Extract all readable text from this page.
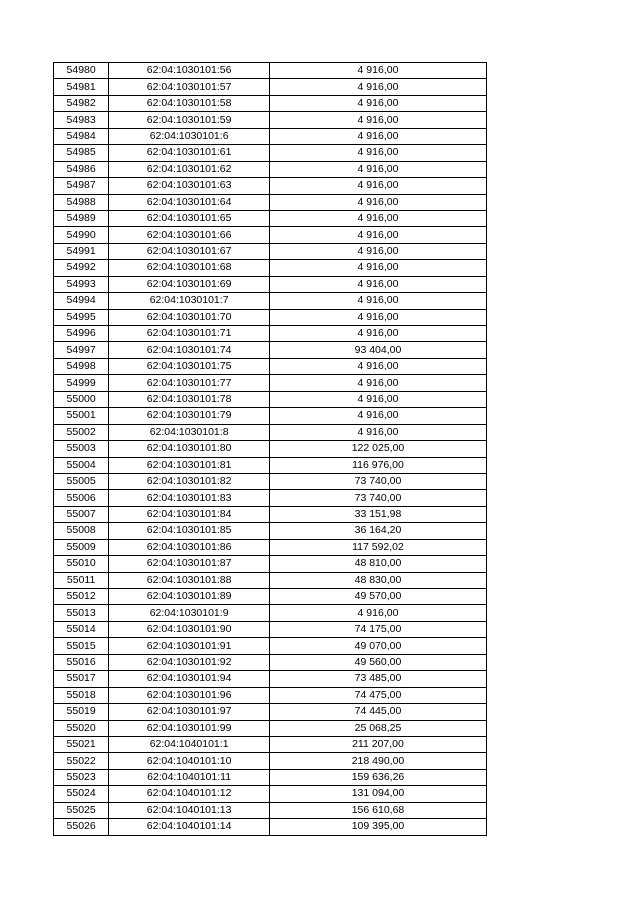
54980	62:04:1030101:56	4 916,00
54981	62:04:1030101:57	4 916,00
54982	62:04:1030101:58	4 916,00
54983	62:04:1030101:59	4 916,00
54984	62:04:1030101:6	4 916,00
54985	62:04:1030101:61	4 916,00
54986	62:04:1030101:62	4 916,00
54987	62:04:1030101:63	4 916,00
54988	62:04:1030101:64	4 916,00
54989	62:04:1030101:65	4 916,00
54990	62:04:1030101:66	4 916,00
54991	62:04:1030101:67	4 916,00
54992	62:04:1030101:68	4 916,00
54993	62:04:1030101:69	4 916,00
54994	62:04:1030101:7	4 916,00
54995	62:04:1030101:70	4 916,00
54996	62:04:1030101:71	4 916,00
54997	62:04:1030101:74	93 404,00
54998	62:04:1030101:75	4 916,00
54999	62:04:1030101:77	4 916,00
55000	62:04:1030101:78	4 916,00
55001	62:04:1030101:79	4 916,00
55002	62:04:1030101:8	4 916,00
55003	62:04:1030101:80	122 025,00
55004	62:04:1030101:81	116 976,00
55005	62:04:1030101:82	73 740,00
55006	62:04:1030101:83	73 740,00
55007	62:04:1030101:84	33 151,98
55008	62:04:1030101:85	36 164,20
55009	62:04:1030101:86	117 592,02
55010	62:04:1030101:87	48 810,00
55011	62:04:1030101:88	48 830,00
55012	62:04:1030101:89	49 570,00
55013	62:04:1030101:9	4 916,00
55014	62:04:1030101:90	74 175,00
55015	62:04:1030101:91	49 070,00
55016	62:04:1030101:92	49 560,00
55017	62:04:1030101:94	73 485,00
55018	62:04:1030101:96	74 475,00
55019	62:04:1030101:97	74 445,00
55020	62:04:1030101:99	25 068,25
55021	62:04:1040101:1	211 207,00
55022	62:04:1040101:10	218 490,00
55023	62:04:1040101:11	159 636,26
55024	62:04:1040101:12	131 094,00
55025	62:04:1040101:13	156 610,68
55026	62:04:1040101:14	109 395,00
